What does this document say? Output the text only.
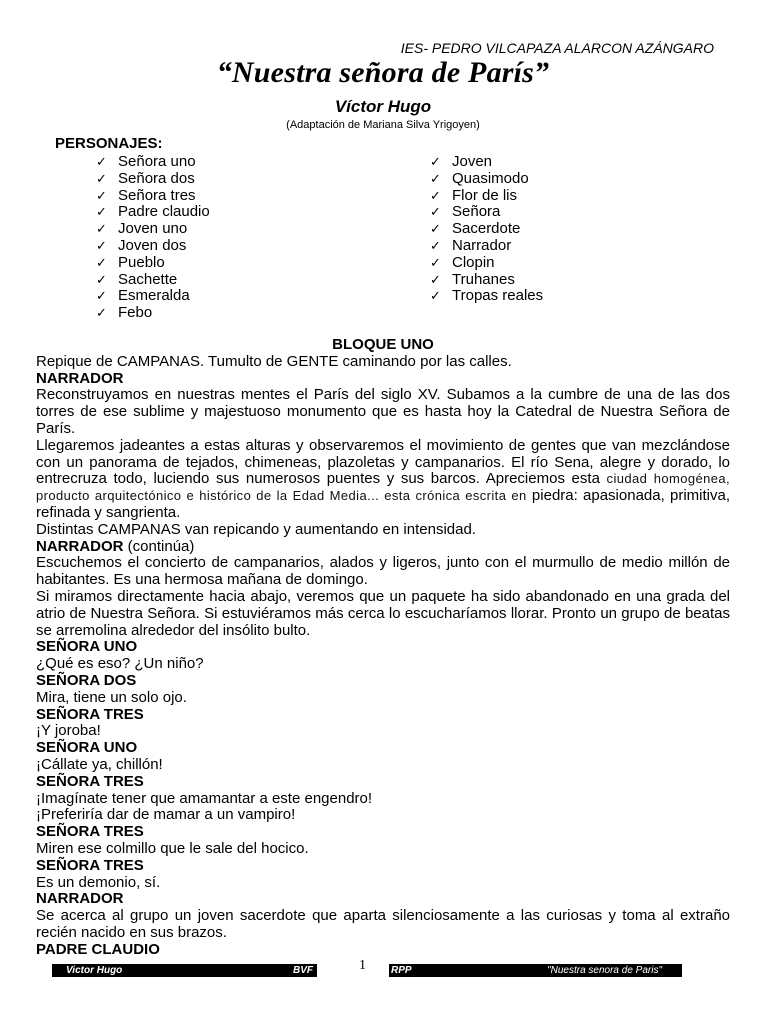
IES- PEDRO VILCAPAZA ALARCON AZÁNGARO
“Nuestra señora de París”
Víctor Hugo
(Adaptación de Mariana Silva Yrigoyen)
PERSONAJES:
✓ Señora uno
✓ Señora dos
✓ Señora tres
✓ Padre claudio
✓ Joven uno
✓ Joven dos
✓ Pueblo
✓ Sachette
✓ Esmeralda
✓ Febo
✓ Joven
✓ Quasimodo
✓ Flor de lis
✓ Señora
✓ Sacerdote
✓ Narrador
✓ Clopin
✓ Truhanes
✓ Tropas reales

BLOQUE UNO

Repique de CAMPANAS. Tumulto de GENTE caminando por las calles.

NARRADOR

Reconstruyamos en nuestras mentes el París del siglo XV. Subamos a la cumbre de una de las dos torres de ese sublime y majestuoso monumento que es hasta hoy la Catedral de Nuestra Señora de París.

Llegaremos jadeantes a estas alturas y observaremos el movimiento de gentes que van mezclándose con un panorama de tejados, chimeneas, plazoletas y campanarios. El río Sena, alegre y dorado, lo entrecruza todo, luciendo sus numerosos puentes y sus barcos. Apreciemos esta ciudad homogénea, producto arquitectónico e histórico de la Edad Media... esta crónica escrita en piedra: apasionada, primitiva, refinada y sangrienta.

Distintas CAMPANAS van repicando y aumentando en intensidad.

NARRADOR (continúa)

Escuchemos el concierto de campanarios, alados y ligeros, junto con el murmullo de medio millón de habitantes. Es una hermosa mañana de domingo.

Si miramos directamente hacia abajo, veremos que un paquete ha sido abandonado en una grada del atrio de Nuestra Señora. Si estuviéramos más cerca lo escucharíamos llorar. Pronto un grupo de beatas se arremolina alrededor del insólito bulto.

SEÑORA UNO

¿Qué es eso? ¿Un niño?

SEÑORA DOS

Mira, tiene un solo ojo.

SEÑORA TRES

¡Y joroba!

SEÑORA UNO

¡Cállate ya, chillón!

SEÑORA TRES

¡Imagínate tener que amamantar a este engendro!

¡Preferiría dar de mamar a un vampiro!

SEÑORA TRES

Miren ese colmillo que le sale del hocico.

SEÑORA TRES

Es un demonio, sí.

NARRADOR

Se acerca al grupo un joven sacerdote que aparta silenciosamente a las curiosas y toma al extraño recién nacido en sus brazos.

PADRE CLAUDIO

Victor Hugo	BVF	1	RPP	"Nuestra senora de Paris"
